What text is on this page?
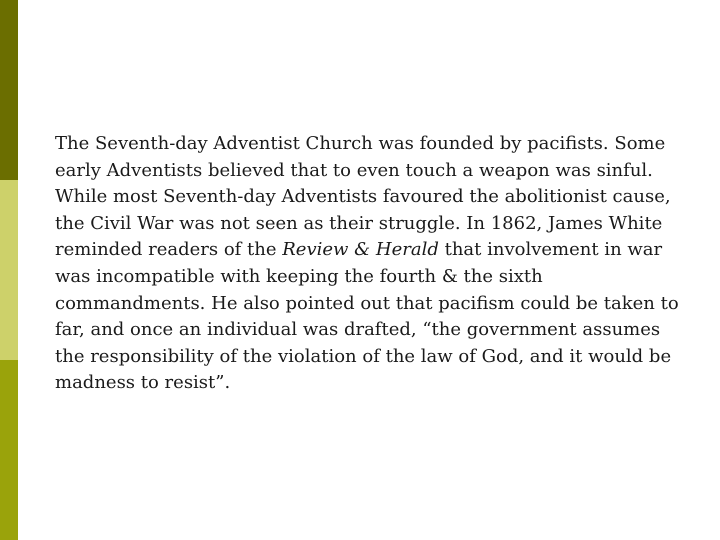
The Seventh-day Adventist Church was founded by pacifists. Some early Adventists believed that to even touch a weapon was sinful. While most Seventh-day Adventists favoured the abolitionist cause, the Civil War was not seen as their struggle. In 1862, James White reminded readers of the Review & Herald that involvement in war was incompatible with keeping the fourth & the sixth commandments. He also pointed out that pacifism could be taken to far, and once an individual was drafted, “the government assumes the responsibility of the violation of the law of God, and it would be madness to resist”.
